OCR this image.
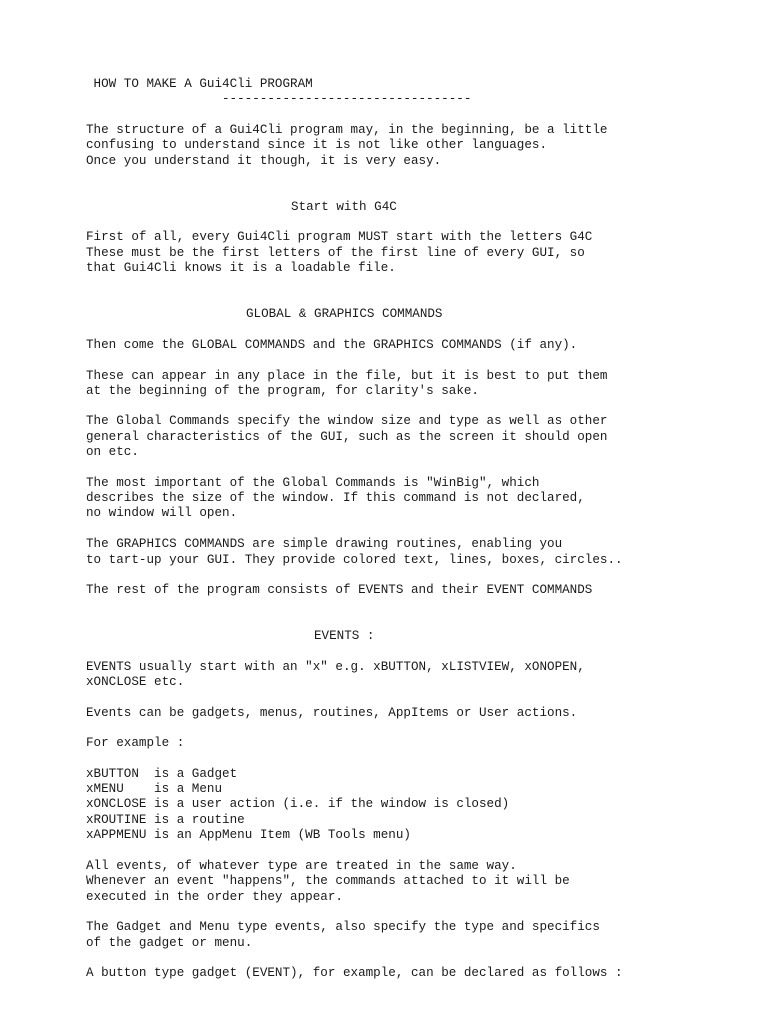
HOW TO MAKE A Gui4Cli PROGRAM

---------------------------------

The structure of a Gui4Cli program may, in the beginning, be a little

confusing to understand since it is not like other languages.

Once you understand it though, it is very easy.

Start with G4C

First of all, every Gui4Cli program MUST start with the letters G4C

These must be the first letters of the first line of every GUI, so

that Gui4Cli knows it is a loadable file.

GLOBAL & GRAPHICS COMMANDS

Then come the GLOBAL COMMANDS and the GRAPHICS COMMANDS (if any).

These can appear in any place in the file, but it is best to put them

at the beginning of the program, for clarity's sake.

The Global Commands specify the window size and type as well as other

general characteristics of the GUI, such as the screen it should open

on etc.

The most important of the Global Commands is "WinBig", which

describes the size of the window. If this command is not declared,

no window will open.

The GRAPHICS COMMANDS are simple drawing routines, enabling you

to tart-up your GUI. They provide colored text, lines, boxes, circles..

The rest of the program consists of EVENTS and their EVENT COMMANDS

EVENTS :

EVENTS usually start with an "x" e.g. xBUTTON, xLISTVIEW, xONOPEN,

xONCLOSE etc.

Events can be gadgets, menus, routines, AppItems or User actions.

For example :

xBUTTON  is a Gadget

xMENU    is a Menu

xONCLOSE is a user action (i.e. if the window is closed)

xROUTINE is a routine

xAPPMENU is an AppMenu Item (WB Tools menu)

All events, of whatever type are treated in the same way.

Whenever an event "happens", the commands attached to it will be

executed in the order they appear.

The Gadget and Menu type events, also specify the type and specifics

of the gadget or menu.

A button type gadget (EVENT), for example, can be declared as follows :
